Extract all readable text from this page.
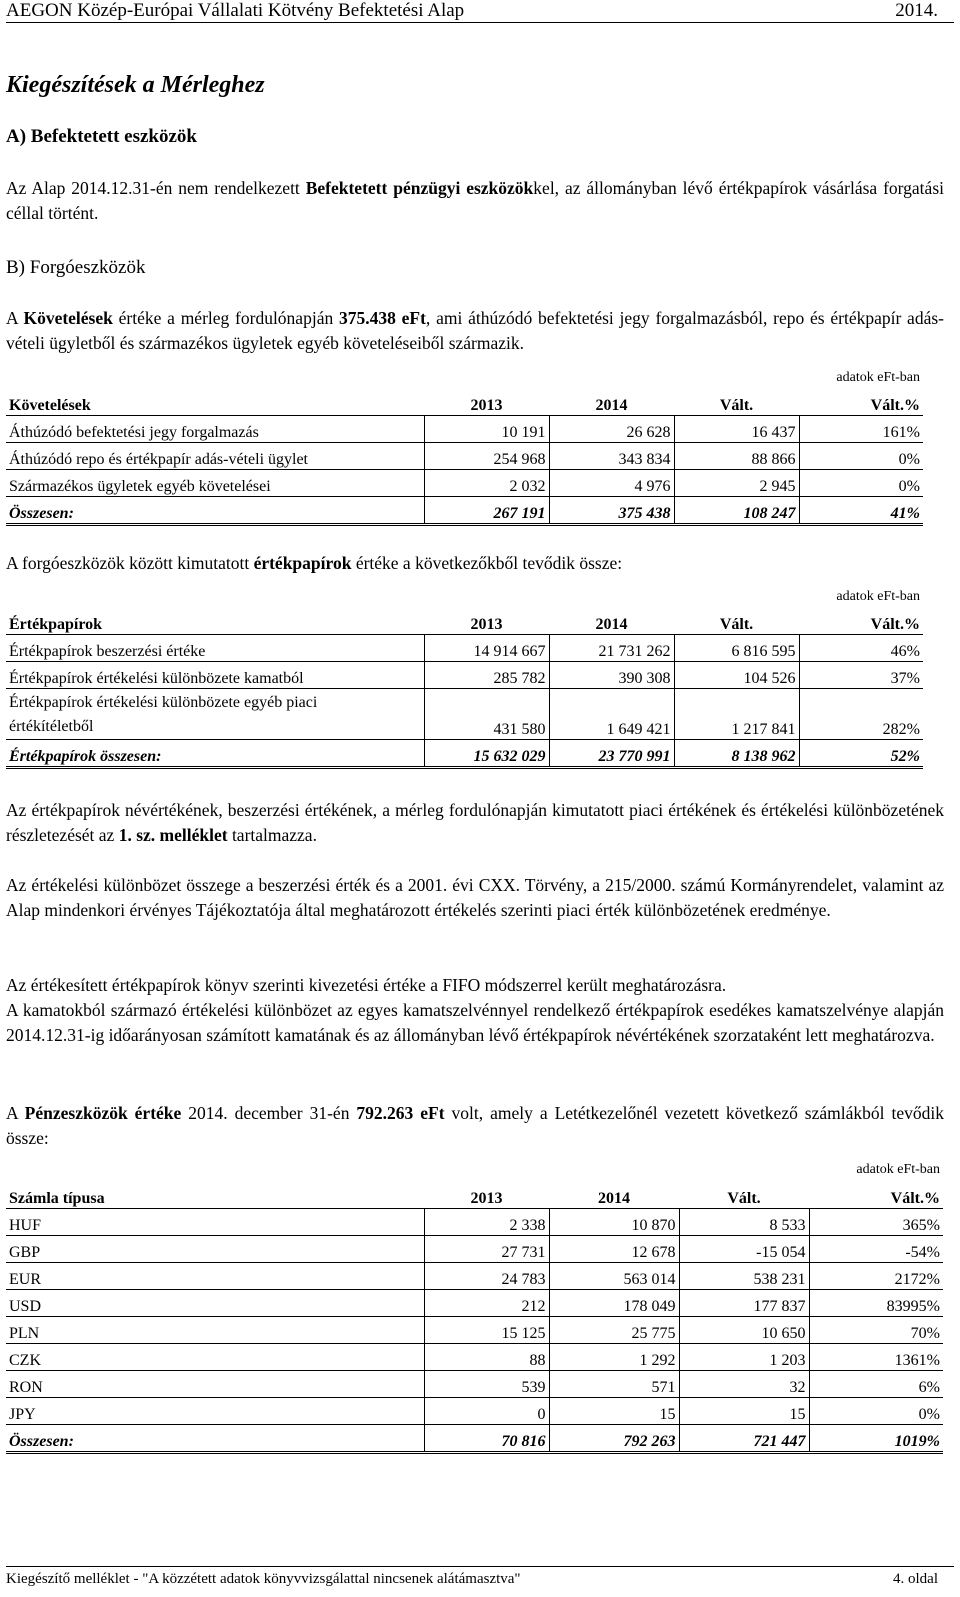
AEGON Közép-Európai Vállalati Kötvény Befektetési Alap	2014.
Kiegészítések a Mérleghez
A) Befektetett eszközök
Az Alap 2014.12.31-én nem rendelkezett Befektetett pénzügyi eszközökkel, az állományban lévő értékpapírok vásárlása forgatási céllal történt.
B) Forgóeszközök
A Követelések értéke a mérleg fordulónapján 375.438 eFt, ami áthúzódó befektetési jegy forgalmazásból, repo és értékpapír adás-vételi ügyletből és származékos ügyletek egyéb követeléseiből származik.
adatok eFt-ban
Követelések	2013	2014	Vált.	Vált.%
Áthúzódó befektetési jegy forgalmazás	10 191	26 628	16 437	161%
Áthúzódó repo és értékpapír adás-vételi ügylet	254 968	343 834	88 866	0%
Származékos ügyletek egyéb követelései	2 032	4 976	2 945	0%
Összesen:	267 191	375 438	108 247	41%
A forgóeszközök között kimutatott értékpapírok értéke a következőkből tevődik össze:
adatok eFt-ban
Értékpapírok	2013	2014	Vált.	Vált.%
Értékpapírok beszerzési értéke	14 914 667	21 731 262	6 816 595	46%
Értékpapírok értékelési különbözete kamatból	285 782	390 308	104 526	37%
Értékpapírok értékelési különbözete egyéb piaci
értékítéletből	431 580	1 649 421	1 217 841	282%
Értékpapírok összesen:	15 632 029	23 770 991	8 138 962	52%
Az értékpapírok névértékének, beszerzési értékének, a mérleg fordulónapján kimutatott piaci értékének és értékelési különbözetének részletezését az 1. sz. melléklet tartalmazza.
Az értékelési különbözet összege a beszerzési érték és a 2001. évi CXX. Törvény, a 215/2000. számú Kormányrendelet, valamint az Alap mindenkori érvényes Tájékoztatója által meghatározott értékelés szerinti piaci érték különbözetének eredménye.
Az értékesített értékpapírok könyv szerinti kivezetési értéke a FIFO módszerrel került meghatározásra.
A kamatokból származó értékelési különbözet az egyes kamatszelvénnyel rendelkező értékpapírok esedékes kamatszelvénye alapján 2014.12.31-ig időarányosan számított kamatának és az állományban lévő értékpapírok névértékének szorzataként lett meghatározva.
A Pénzeszközök értéke 2014. december 31-én 792.263 eFt volt, amely a Letétkezelőnél vezetett következő számlákból tevődik össze:
adatok eFt-ban
Számla típusa	2013	2014	Vált.	Vált.%
HUF	2 338	10 870	8 533	365%
GBP	27 731	12 678	-15 054	-54%
EUR	24 783	563 014	538 231	2172%
USD	212	178 049	177 837	83995%
PLN	15 125	25 775	10 650	70%
CZK	88	1 292	1 203	1361%
RON	539	571	32	6%
JPY	0	15	15	0%
Összesen:	70 816	792 263	721 447	1019%
Kiegészítő melléklet - "A közzétett adatok könyvvizsgálattal nincsenek alátámasztva"	4. oldal
